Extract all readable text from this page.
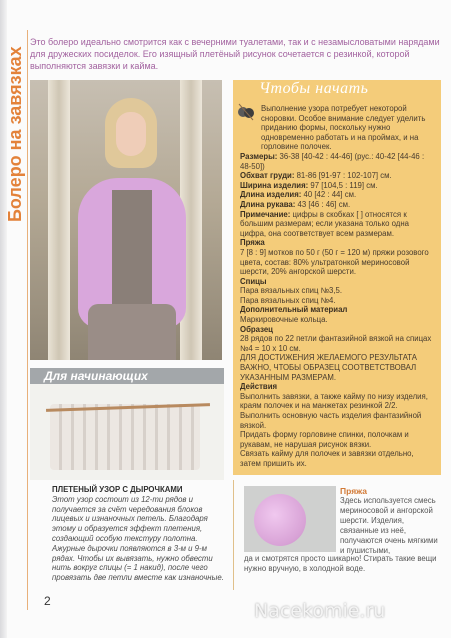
Болеро на завязках
Это болеро идеально смотрится как с вечерними туалетами, так и с незамысловатыми нарядами для дружеских посиделок. Его изящный плетёный рисунок сочетается с резинкой, которой выполняются завязки и кайма.
Чтобы начать

Выполнение узора потребует некоторой сноровки. Особое внимание следует уделить приданию формы, поскольку нужно одновременно работать и на проймах, и на горловине полочек.

Размеры: 36-38 [40-42 : 44-46] (рус.: 40-42 [44-46 : 48-50])

Обхват груди: 81-86 [91-97 : 102-107] см.

Ширина изделия: 97 [104,5 : 119] см.

Длина изделия: 40 [42 : 44] см.

Длина рукава: 43 [46 : 46] см.

Примечание: цифры в скобках [ ] относятся к большим размерам; если указана только одна цифра, она соответствует всем размерам.

Пряжа

7 [8 : 9] мотков по 50 г (50 г = 120 м) пряжи розового цвета, состав: 80% ультратонкой мериносовой шерсти, 20% ангорской шерсти.

Спицы

Пара вязальных спиц №3,5.

Пара вязальных спиц №4.

Дополнительный материал

Маркировочные кольца.

Образец

28 рядов по 22 петли фантазийной вязкой на спицах №4 = 10 х 10 см.

ДЛЯ ДОСТИЖЕНИЯ ЖЕЛАЕМОГО РЕЗУЛЬТАТА ВАЖНО, ЧТОБЫ ОБРАЗЕЦ СООТВЕТСТВОВАЛ УКАЗАННЫМ РАЗМЕРАМ.

Действия

Выполнить завязки, а также кайму по низу изделия, краям полочек и на манжетах резинкой 2/2.

Выполнить основную часть изделия фантазийной вязкой.

Придать форму горловине спинки, полочкам и рукавам, не нарушая рисунок вязки.

Связать кайму для полочек и завязки отдельно, затем пришить их.

Для начинающих
ПЛЕТЕНЫЙ УЗОР С ДЫРОЧКАМИ
Этот узор состоит из 12-ти рядов и получается за счёт чередования блоков лицевых и изнаночных петель. Благодаря этому и образуется эффект плетения, создающий особую текстуру полотна. Ажурные дырочки появляются в 3-м и 9-м рядах. Чтобы их вывязать, нужно обвести нить вокруг спицы (= 1 накид), после чего провязать две петли вместе как изнаночные.
Пряжа
Здесь используется смесь мериносовой и ангорской шерсти. Изделия, связанные из неё, получаются очень мягкими и пушистыми,
да и смотрятся просто шикарно! Стирать такие вещи нужно вручную, в холодной воде.
2	Nacekomie.ru
